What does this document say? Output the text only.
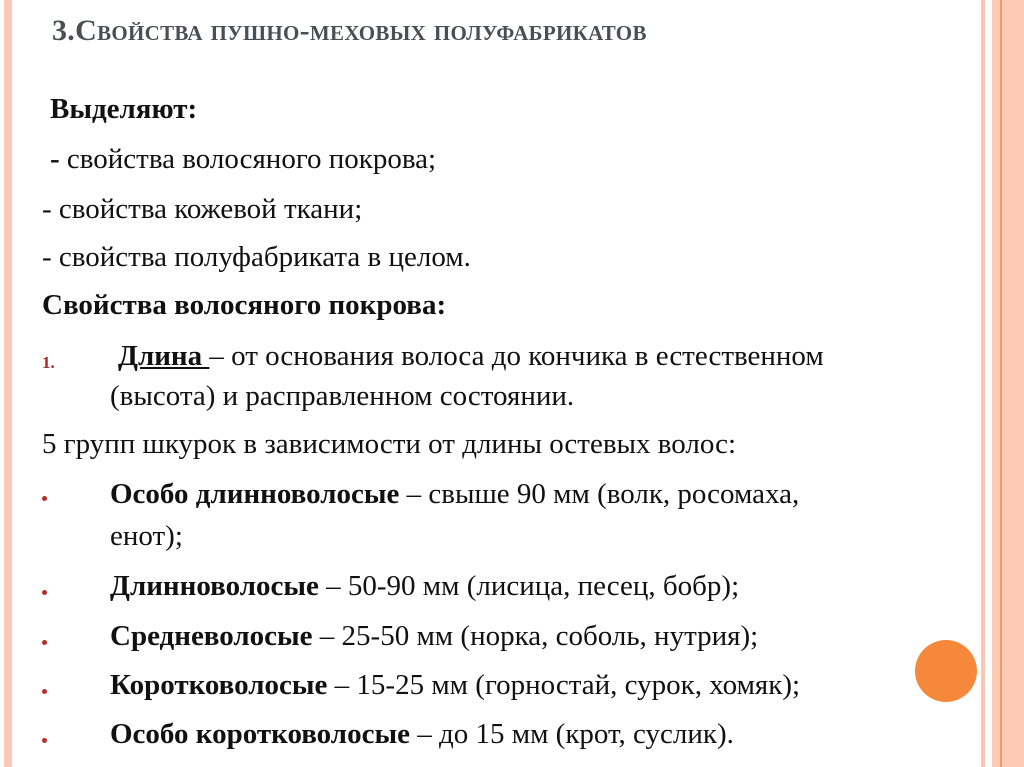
3.Свойства пушно-меховых полуфабрикатов
Выделяют:
- свойства волосяного покрова;
- свойства кожевой ткани;
- свойства полуфабриката в целом.
Свойства волосяного покрова:
1. Длина – от основания волоса до кончика в естественном
(высота) и расправленном состоянии.
5 групп шкурок в зависимости от длины остевых волос:
Особо длинноволосые – свыше 90 мм (волк, росомаха,
енот);
Длинноволосые – 50-90 мм (лисица, песец, бобр);
Средневолосые – 25-50 мм (норка, соболь, нутрия);
Коротковолосые – 15-25 мм (горностай, сурок, хомяк);
Особо коротковолосые – до 15 мм (крот, суслик).
